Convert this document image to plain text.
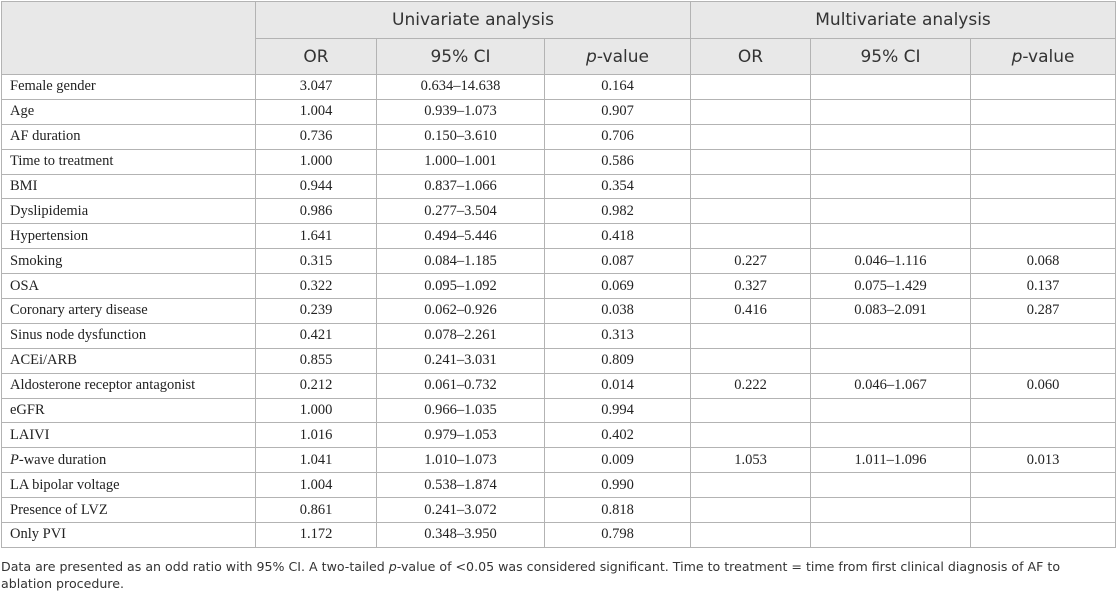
	Univariate analysis			Multivariate analysis		
	OR	95% CI	p-value	OR	95% CI	p-value
Female gender	3.047	0.634–14.638	0.164			
Age	1.004	0.939–1.073	0.907			
AF duration	0.736	0.150–3.610	0.706			
Time to treatment	1.000	1.000–1.001	0.586			
BMI	0.944	0.837–1.066	0.354			
Dyslipidemia	0.986	0.277–3.504	0.982			
Hypertension	1.641	0.494–5.446	0.418			
Smoking	0.315	0.084–1.185	0.087	0.227	0.046–1.116	0.068
OSA	0.322	0.095–1.092	0.069	0.327	0.075–1.429	0.137
Coronary artery disease	0.239	0.062–0.926	0.038	0.416	0.083–2.091	0.287
Sinus node dysfunction	0.421	0.078–2.261	0.313			
ACEi/ARB	0.855	0.241–3.031	0.809			
Aldosterone receptor antagonist	0.212	0.061–0.732	0.014	0.222	0.046–1.067	0.060
eGFR	1.000	0.966–1.035	0.994			
LAIVI	1.016	0.979–1.053	0.402			
P-wave duration	1.041	1.010–1.073	0.009	1.053	1.011–1.096	0.013
LA bipolar voltage	1.004	0.538–1.874	0.990			
Presence of LVZ	0.861	0.241–3.072	0.818			
Only PVI	1.172	0.348–3.950	0.798			
Data are presented as an odd ratio with 95% CI. A two-tailed p-value of <0.05 was considered significant. Time to treatment = time from first clinical diagnosis of AF to ablation procedure.
